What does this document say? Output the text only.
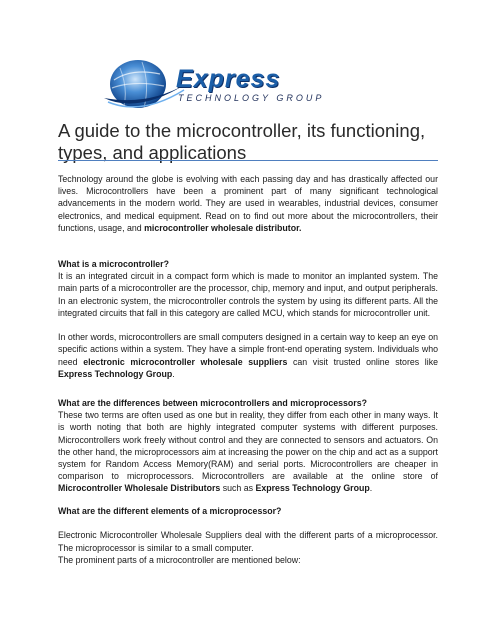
Express
TECHNOLOGY GROUP
A guide to the microcontroller, its functioning, types, and applications

Technology around the globe is evolving with each passing day and has drastically affected our lives. Microcontrollers have been a prominent part of many significant technological advancements in the modern world. They are used in wearables, industrial devices, consumer electronics, and medical equipment. Read on to find out more about the microcontrollers, their functions, usage, and microcontroller wholesale distributor.

What is a microcontroller?

It is an integrated circuit in a compact form which is made to monitor an implanted system. The main parts of a microcontroller are the processor, chip, memory and input, and output peripherals. In an electronic system, the microcontroller controls the system by using its different parts. All the integrated circuits that fall in this category are called MCU, which stands for microcontroller unit.

In other words, microcontrollers are small computers designed in a certain way to keep an eye on specific actions within a system. They have a simple front-end operating system. Individuals who need electronic microcontroller wholesale suppliers can visit trusted online stores like Express Technology Group.

What are the differences between microcontrollers and microprocessors?

These two terms are often used as one but in reality, they differ from each other in many ways. It is worth noting that both are highly integrated computer systems with different purposes. Microcontrollers work freely without control and they are connected to sensors and actuators. On the other hand, the microprocessors aim at increasing the power on the chip and act as a support system for Random Access Memory(RAM) and serial ports. Microcontrollers are cheaper in comparison to microprocessors. Microcontrollers are available at the online store of Microcontroller Wholesale Distributors such as Express Technology Group.

What are the different elements of a microprocessor?

Electronic Microcontroller Wholesale Suppliers deal with the different parts of a microprocessor. The microprocessor is similar to a small computer.

The prominent parts of a microcontroller are mentioned below:
